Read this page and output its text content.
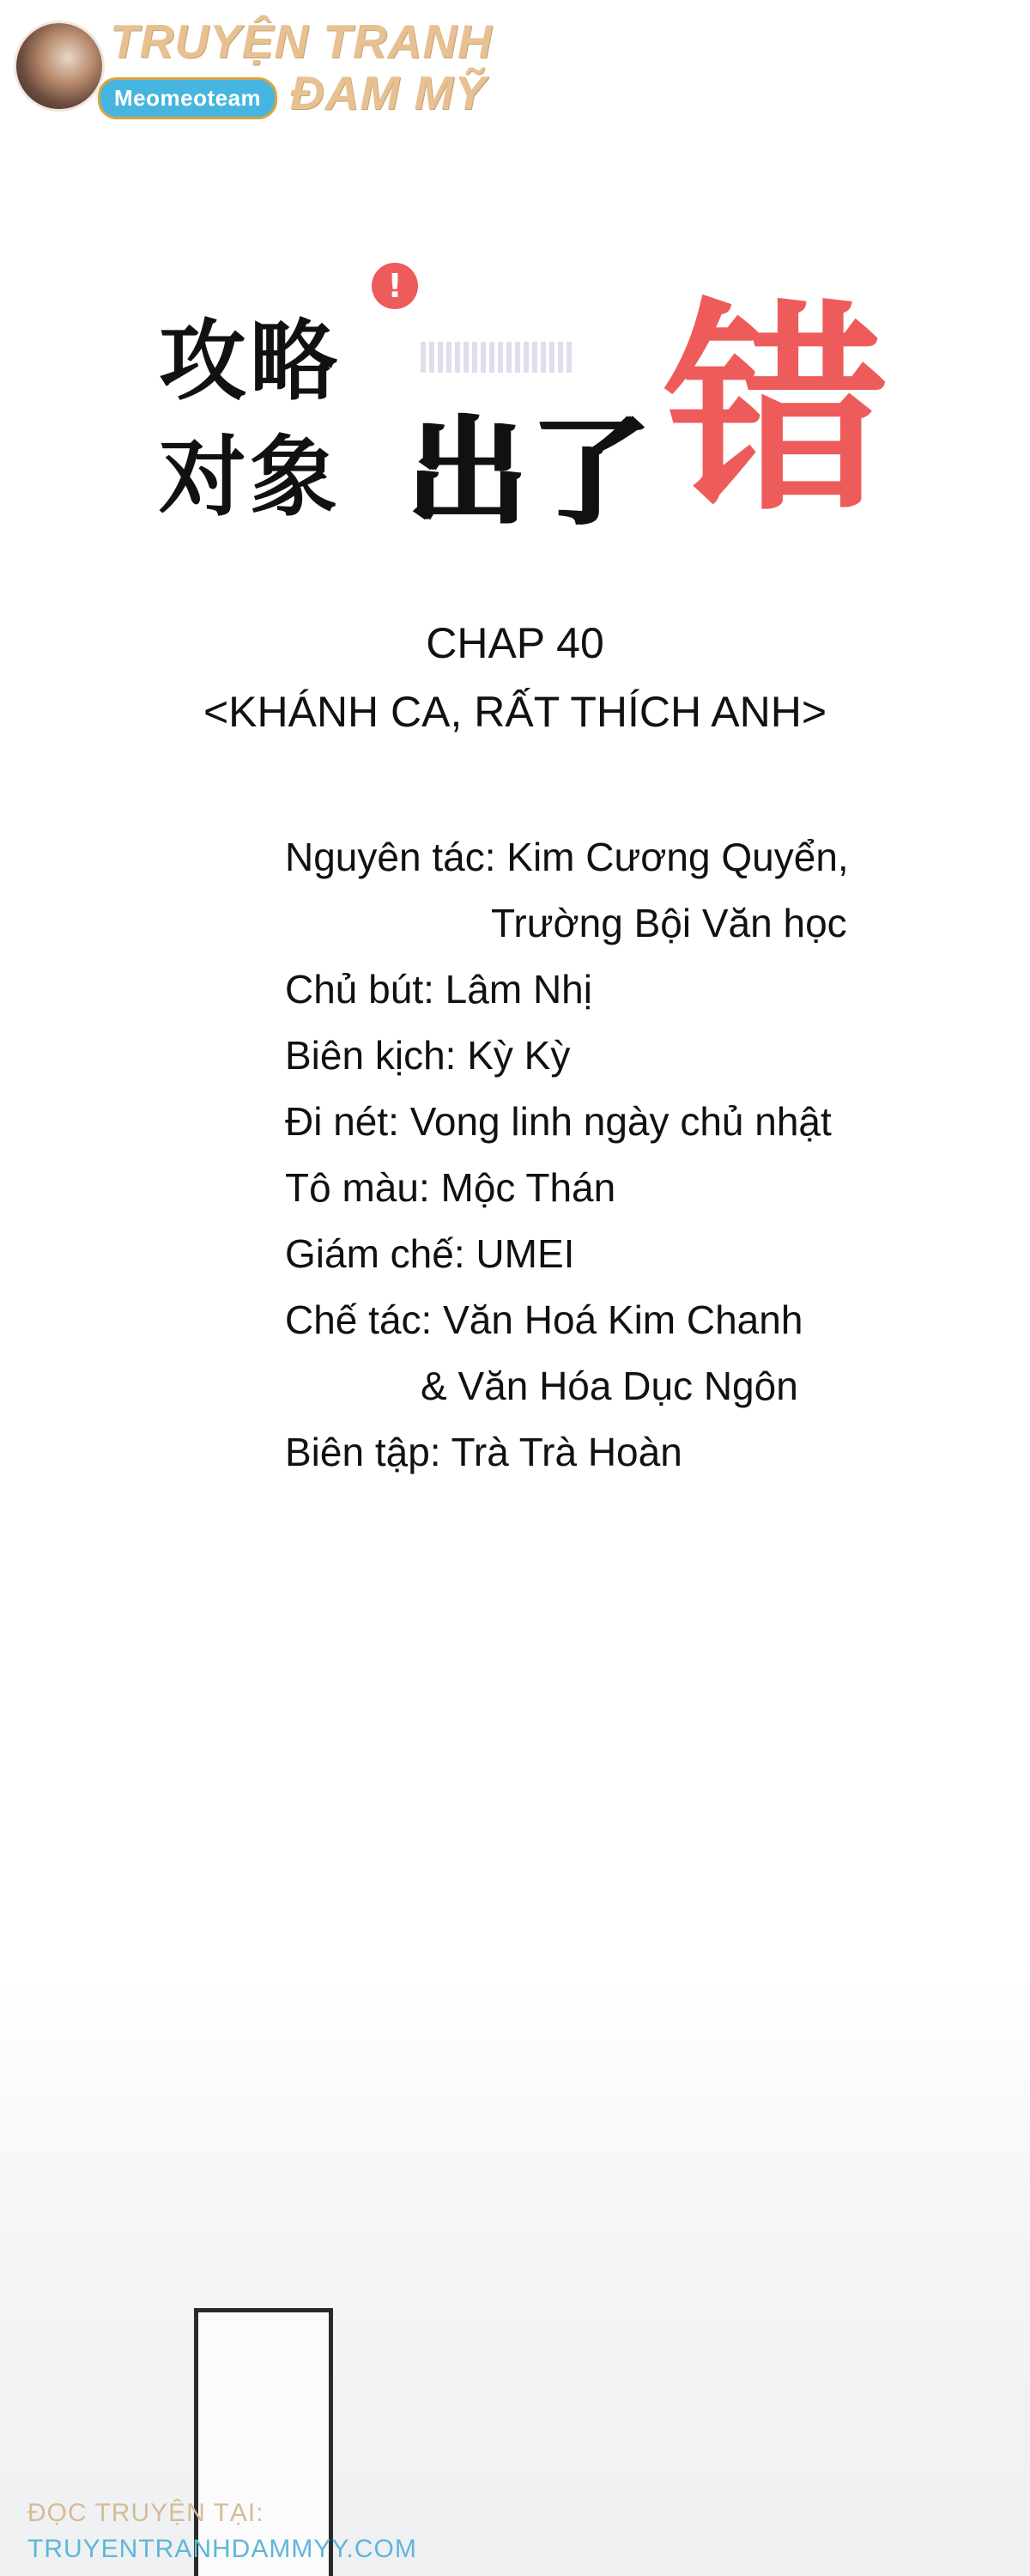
TRUYỆN TRANH
ĐAM MỸ
Meomeoteam
攻略
对象 出了 错
!
CHAP 40
<KHÁNH CA, RẤT THÍCH ANH>
Nguyên tác: Kim Cương Quyển,
Trường Bội Văn học
Chủ bút: Lâm Nhị
Biên kịch: Kỳ Kỳ
Đi nét: Vong linh ngày chủ nhật
Tô màu: Mộc Thán
Giám chế: UMEI
Chế tác: Văn Hoá Kim Chanh
& Văn Hóa Dục Ngôn
Biên tập: Trà Trà Hoàn
ĐỌC TRUYỆN TẠI:
TRUYENTRANHDAMMYY.COM
